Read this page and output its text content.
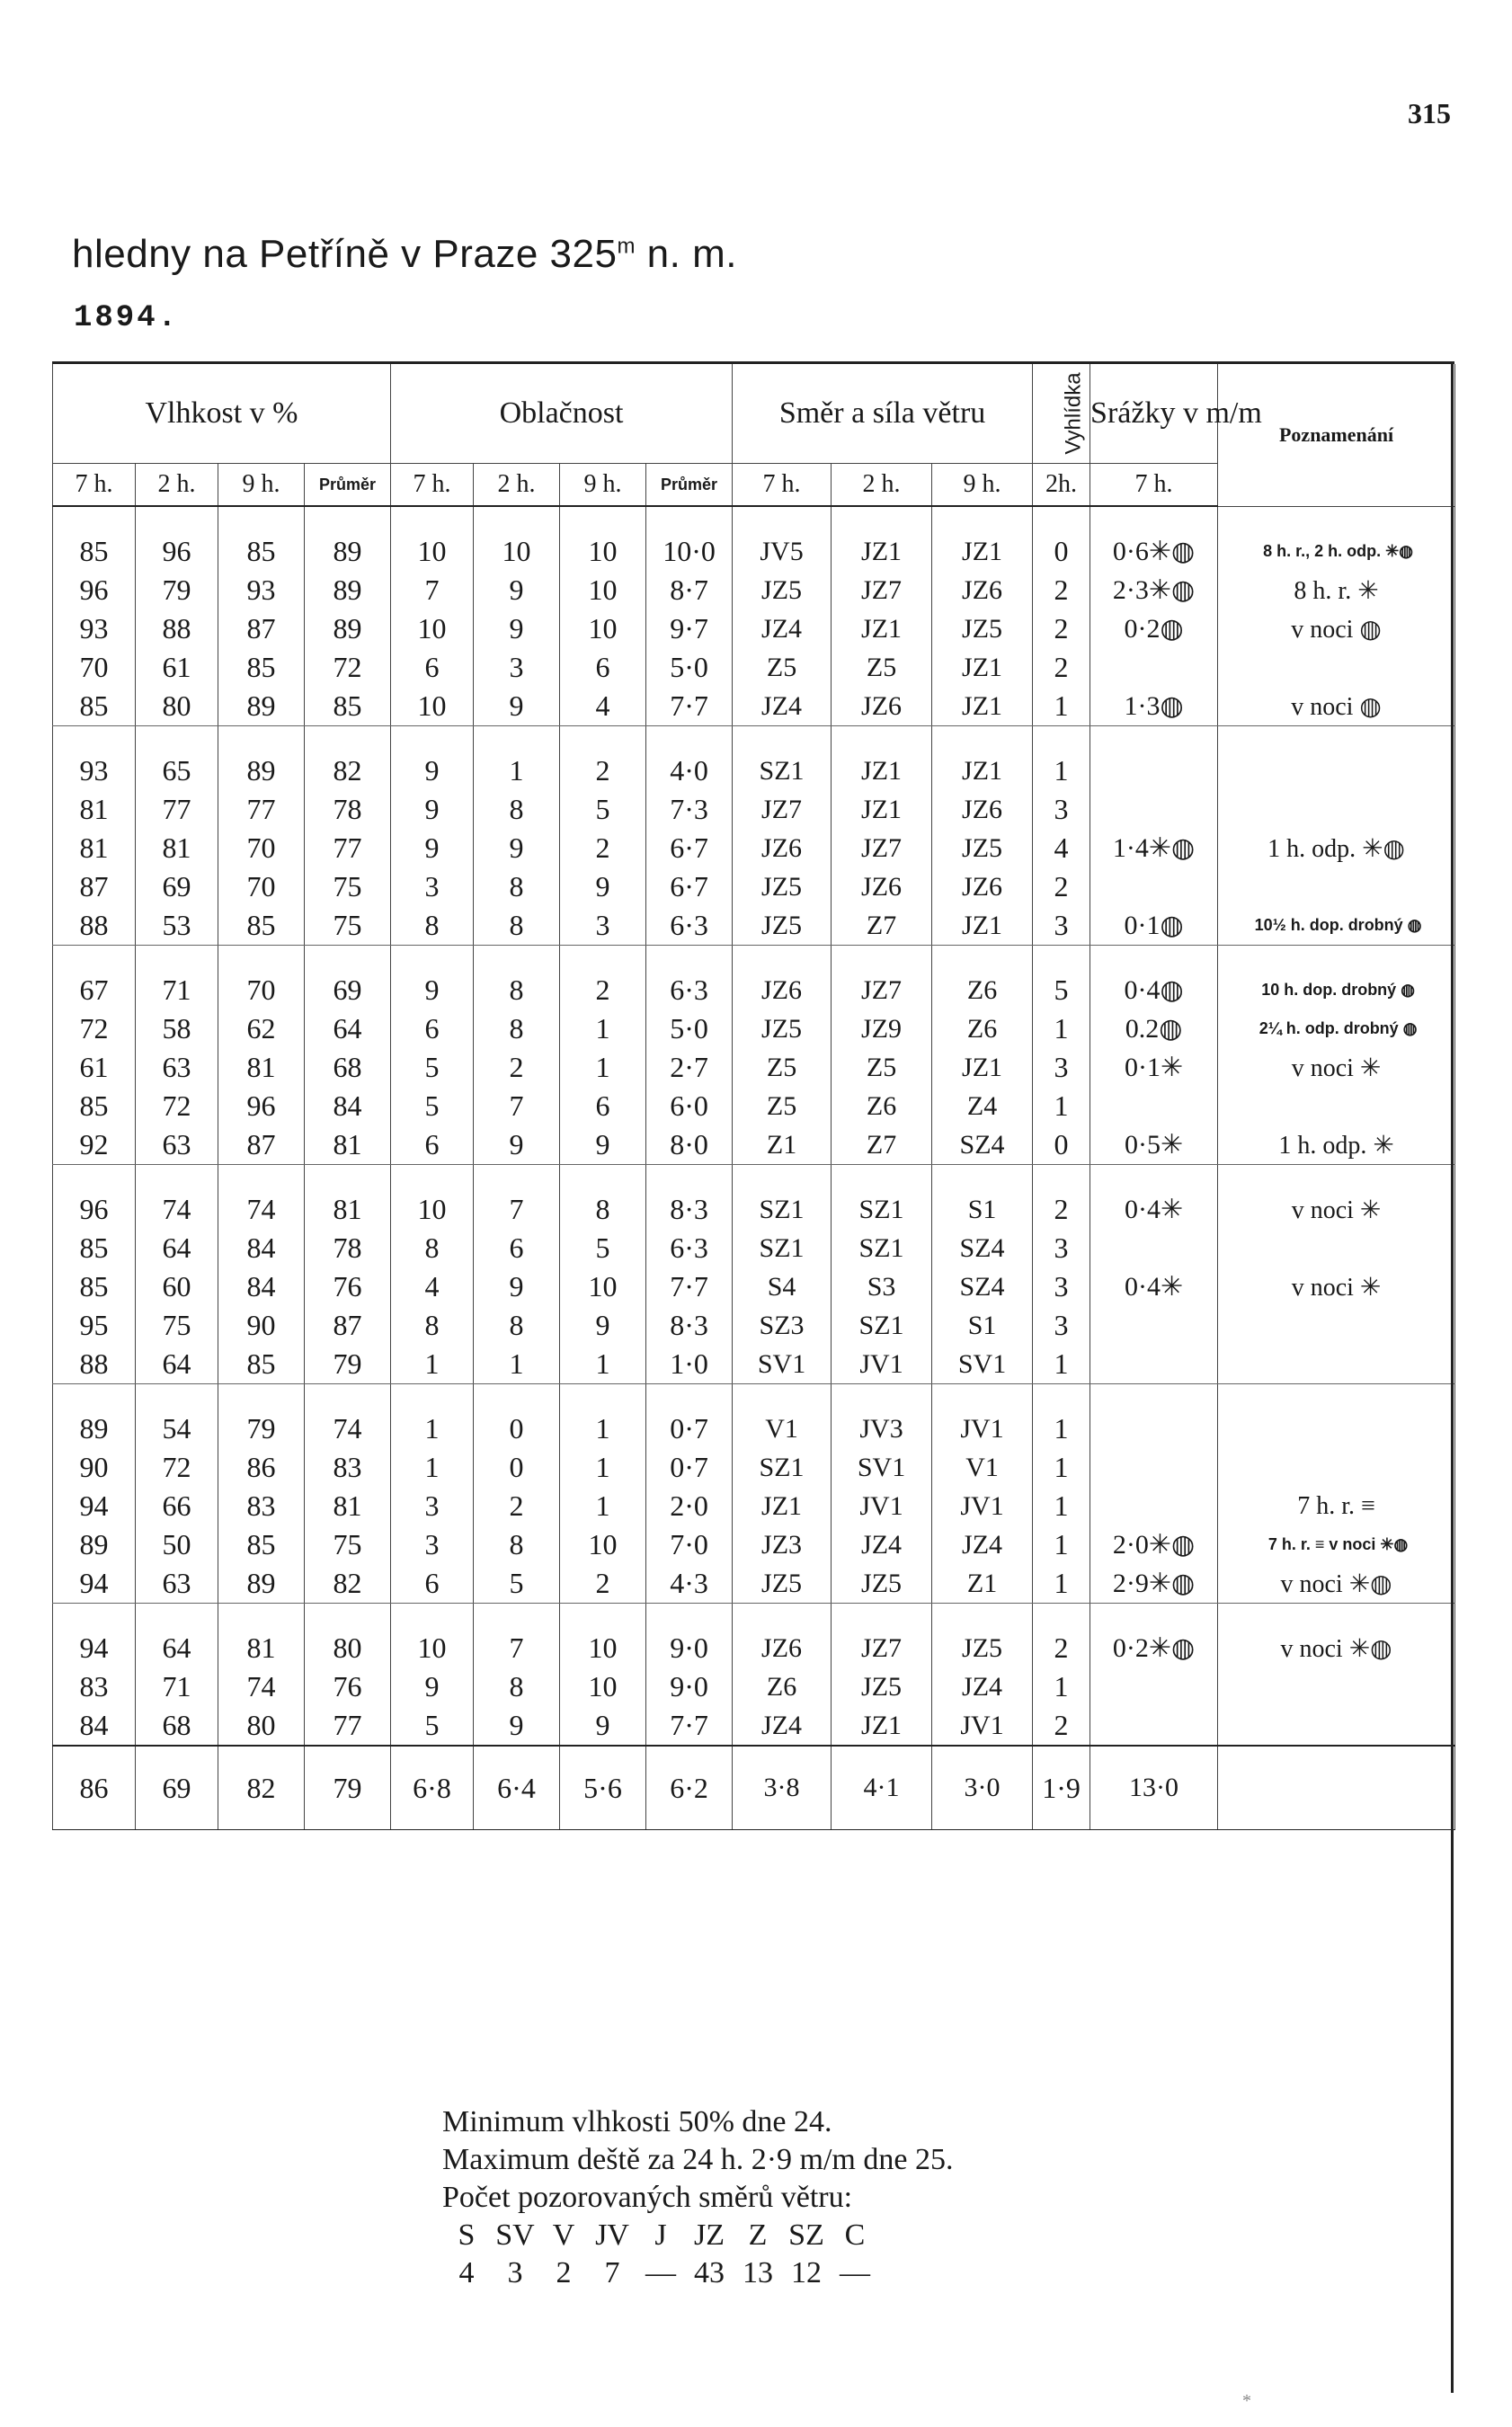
315
hledny na Petříně v Praze 325$^m$ n. m.
1894.
Vlhkost v %				Oblačnost				Směr a síla větru			Vyhlídka	Srážky v m/m	Poznamenání
7 h.	2 h.	9 h.	Průměr	7 h.	2 h.	9 h.	Průměr	7 h.	2 h.	9 h.	2h.	7 h.	

85	96	85	89	10	10	10	10·0	JV5	JZ1	JZ1	0	0·6✳◍	8 h. r., 2 h. odp. ✳◍
96	79	93	89	7	9	10	8·7	JZ5	JZ7	JZ6	2	2·3✳◍	8 h. r. ✳
93	88	87	89	10	9	10	9·7	JZ4	JZ1	JZ5	2	0·2◍	v noci ◍
70	61	85	72	6	3	6	5·0	Z5	Z5	JZ1	2		
85	80	89	85	10	9	4	7·7	JZ4	JZ6	JZ1	1	1·3◍	v noci ◍

93	65	89	82	9	1	2	4·0	SZ1	JZ1	JZ1	1		
81	77	77	78	9	8	5	7·3	JZ7	JZ1	JZ6	3		
81	81	70	77	9	9	2	6·7	JZ6	JZ7	JZ5	4	1·4✳◍	1 h. odp. ✳◍
87	69	70	75	3	8	9	6·7	JZ5	JZ6	JZ6	2		
88	53	85	75	8	8	3	6·3	JZ5	Z7	JZ1	3	0·1◍	10½ h. dop. drobný ◍

67	71	70	69	9	8	2	6·3	JZ6	JZ7	Z6	5	0·4◍	10 h. dop. drobný ◍
72	58	62	64	6	8	1	5·0	JZ5	JZ9	Z6	1	0.2◍	2¼ h. odp. drobný ◍
61	63	81	68	5	2	1	2·7	Z5	Z5	JZ1	3	0·1✳	v noci ✳
85	72	96	84	5	7	6	6·0	Z5	Z6	Z4	1		
92	63	87	81	6	9	9	8·0	Z1	Z7	SZ4	0	0·5✳	1 h. odp. ✳

96	74	74	81	10	7	8	8·3	SZ1	SZ1	S1	2	0·4✳	v noci ✳
85	64	84	78	8	6	5	6·3	SZ1	SZ1	SZ4	3		
85	60	84	76	4	9	10	7·7	S4	S3	SZ4	3	0·4✳	v noci ✳
95	75	90	87	8	8	9	8·3	SZ3	SZ1	S1	3		
88	64	85	79	1	1	1	1·0	SV1	JV1	SV1	1		

89	54	79	74	1	0	1	0·7	V1	JV3	JV1	1		
90	72	86	83	1	0	1	0·7	SZ1	SV1	V1	1		
94	66	83	81	3	2	1	2·0	JZ1	JV1	JV1	1		7 h. r. ≡
89	50	85	75	3	8	10	7·0	JZ3	JZ4	JZ4	1	2·0✳◍	7 h. r. ≡ v noci ✳◍
94	63	89	82	6	5	2	4·3	JZ5	JZ5	Z1	1	2·9✳◍	v noci ✳◍

94	64	81	80	10	7	10	9·0	JZ6	JZ7	JZ5	2	0·2✳◍	v noci ✳◍
83	71	74	76	9	8	10	9·0	Z6	JZ5	JZ4	1		
84	68	80	77	5	9	9	7·7	JZ4	JZ1	JV1	2		
86	69	82	79	6·8	6·4	5·6	6·2	3·8	4·1	3·0	1·9	13·0	
Minimum vlhkosti 50% dne 24.
Maximum deště za 24 h. 2·9 m/m dne 25.
Počet pozorovaných směrů větru:
S SV V JV J JZ Z SZ C
4	3	2	7 — 43 13 12 —
*
